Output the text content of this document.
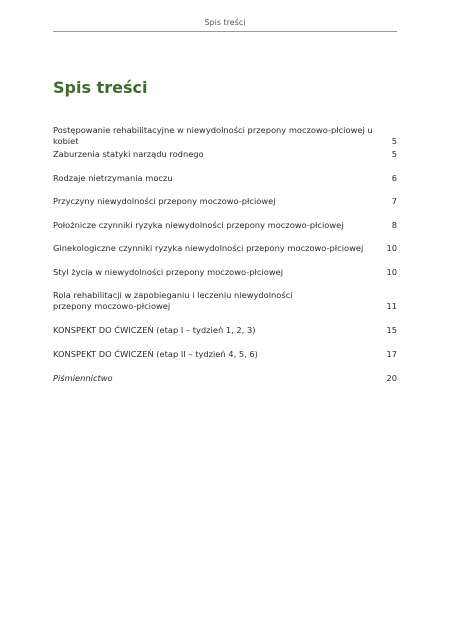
Spis treści
Spis treści
Postępowanie rehabilitacyjne w niewydolności przepony moczowo-płciowej u kobiet	5
Zaburzenia statyki narządu rodnego	5
Rodzaje nietrzymania moczu	6
Przyczyny niewydolności przepony moczowo-płciowej	7
Położnicze czynniki ryzyka niewydolności przepony moczowo-płciowej	8
Ginekologiczne czynniki ryzyka niewydolności przepony moczowo-płciowej	10
Styl życia w niewydolności przepony moczowo-płciowej	10
Rola rehabilitacji w zapobieganiu i leczeniu niewydolności
przepony moczowo-płciowej	11
KONSPEKT DO ĆWICZEŃ (etap I – tydzień 1, 2, 3)	15
KONSPEKT DO ĆWICZEŃ (etap II – tydzień 4, 5, 6)	17
Piśmiennictwo	20
